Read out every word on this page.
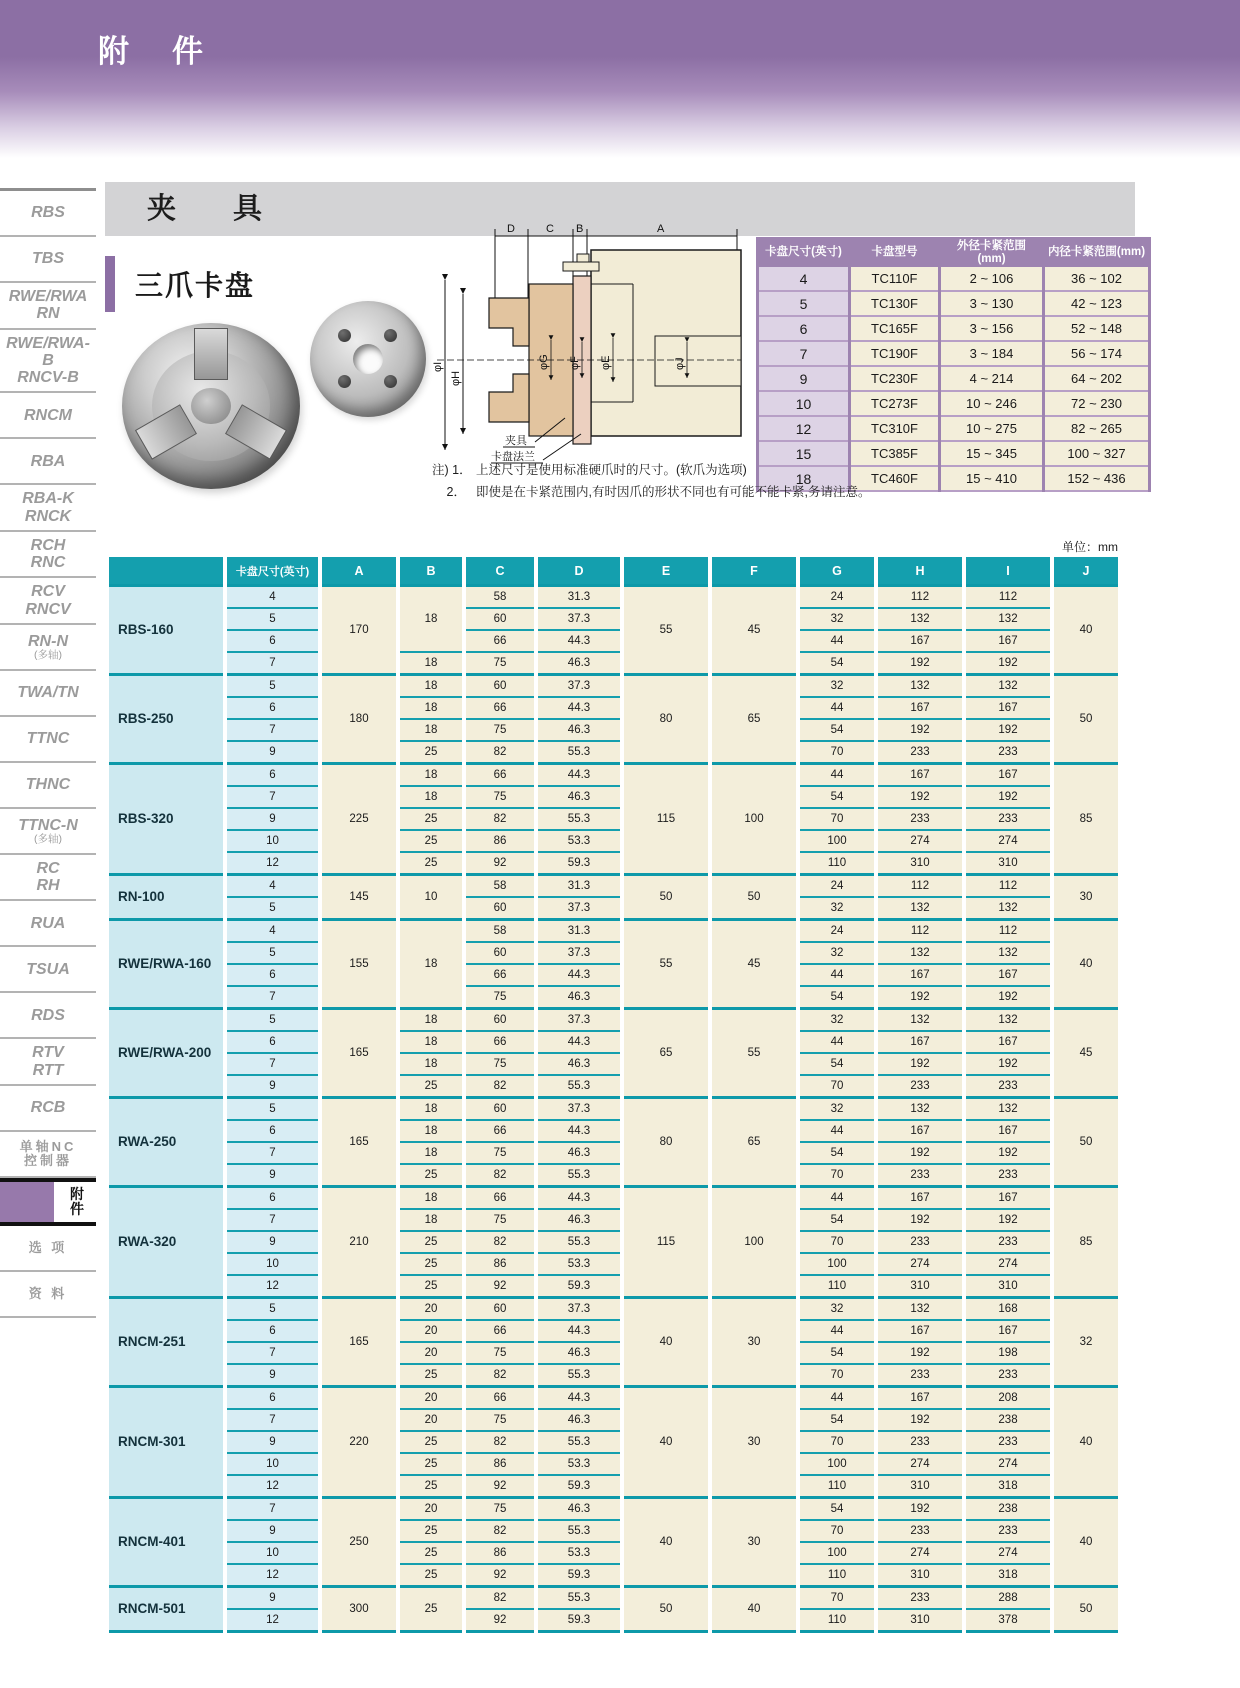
附　件
RBS
TBS
RWE/RWA
RN
RWE/RWA-B
RNCV-B
RNCM
RBA
RBA-K
RNCK
RCH
RNC
RCV
RNCV
RN-N
(多轴)
TWA/TN
TTNC
THNC
TTNC-N
(多轴)
RC
RH
RUA
TSUA
RDS
RTV
RTT
RCB
单轴NC
控制器
附 件
选 项
资 料
夹　具
三爪卡盘
D	C B	A
φI
φH
φG φF φE	φJ
夹具
卡盘法兰
卡盘尺寸(英寸)	卡盘型号	外径卡紧范围(mm)	内径卡紧范围(mm)
4	TC110F	2 ~ 106	36 ~ 102
5	TC130F	3 ~ 130	42 ~ 123
6	TC165F	3 ~ 156	52 ~ 148
7	TC190F	3 ~ 184	56 ~ 174
9	TC230F	4 ~ 214	64 ~ 202
10	TC273F	10 ~ 246	72 ~ 230
12	TC310F	10 ~ 275	82 ~ 265
15	TC385F	15 ~ 345	100 ~ 327
18	TC460F	15 ~ 410	152 ~ 436
注) 1． 上述尺寸是使用标准硬爪时的尺寸。(软爪为选项)
2． 即使是在卡紧范围内,有时因爪的形状不同也有可能不能卡紧,务请注意。
单位：mm
	卡盘尺寸(英寸)	A	B	C	D	E	F	G	H	I	J
RBS-160	4	170	18	58	31.3	55	45	24	112	112	40
	5			60	37.3			32	132	132	
	6			66	44.3			44	167	167	
	7		18	75	46.3			54	192	192	
RBS-250	5	180	18	60	37.3	80	65	32	132	132	50
	6		18	66	44.3			44	167	167	
	7		18	75	46.3			54	192	192	
	9		25	82	55.3			70	233	233	
RBS-320	6	225	18	66	44.3	115	100	44	167	167	85
	7		18	75	46.3			54	192	192	
	9		25	82	55.3			70	233	233	
	10		25	86	53.3			100	274	274	
	12		25	92	59.3			110	310	310	
RN-100	4	145	10	58	31.3	50	50	24	112	112	30
	5			60	37.3			32	132	132	
RWE/RWA-160	4	155	18	58	31.3	55	45	24	112	112	40
	5			60	37.3			32	132	132	
	6			66	44.3			44	167	167	
	7			75	46.3			54	192	192	
RWE/RWA-200	5	165	18	60	37.3	65	55	32	132	132	45
	6		18	66	44.3			44	167	167	
	7		18	75	46.3			54	192	192	
	9		25	82	55.3			70	233	233	
RWA-250	5	165	18	60	37.3	80	65	32	132	132	50
	6		18	66	44.3			44	167	167	
	7		18	75	46.3			54	192	192	
	9		25	82	55.3			70	233	233	
RWA-320	6	210	18	66	44.3	115	100	44	167	167	85
	7		18	75	46.3			54	192	192	
	9		25	82	55.3			70	233	233	
	10		25	86	53.3			100	274	274	
	12		25	92	59.3			110	310	310	
RNCM-251	5	165	20	60	37.3	40	30	32	132	168	32
	6		20	66	44.3			44	167	167	
	7		20	75	46.3			54	192	198	
	9		25	82	55.3			70	233	233	
RNCM-301	6	220	20	66	44.3	40	30	44	167	208	40
	7		20	75	46.3			54	192	238	
	9		25	82	55.3			70	233	233	
	10		25	86	53.3			100	274	274	
	12		25	92	59.3			110	310	318	
RNCM-401	7	250	20	75	46.3	40	30	54	192	238	40
	9		25	82	55.3			70	233	233	
	10		25	86	53.3			100	274	274	
	12		25	92	59.3			110	310	318	
RNCM-501	9	300	25	82	55.3	50	40	70	233	288	50
	12			92	59.3			110	310	378	
